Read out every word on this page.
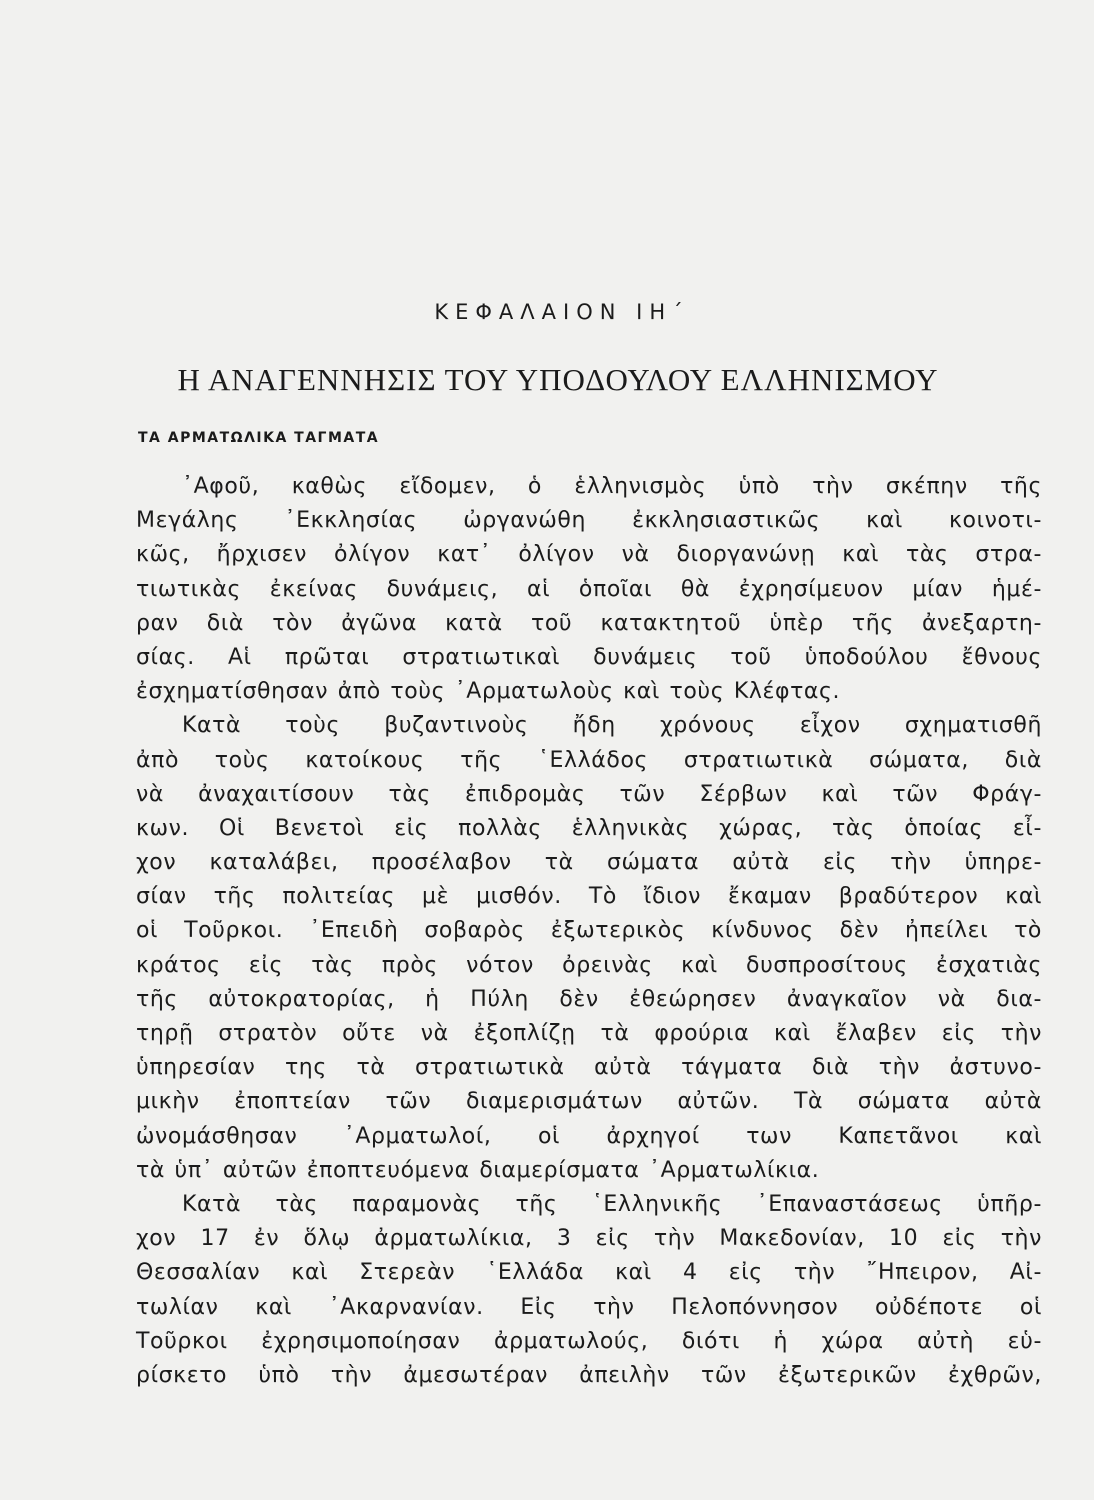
ΚΕΦΑΛΑΙΟΝ ΙΗ΄
Η ΑΝΑΓΕΝΝΗΣΙΣ ΤΟΥ ΥΠΟΔΟΥΛΟΥ ΕΛΛΗΝΙΣΜΟΥ
ΤΑ ΑΡΜΑΤΩΛΙΚΑ ΤΑΓΜΑΤΑ
᾿Αφοῦ, καθὼς εἴδομεν, ὁ ἑλληνισμὸς ὑπὸ τὴν σκέπην τῆς
Μεγάλης ᾿Εκκλησίας ὠργανώθη ἐκκλησιαστικῶς καὶ κοινοτι-
κῶς, ἤρχισεν ὀλίγον κατ᾿ ὀλίγον νὰ διοργανώνῃ καὶ τὰς στρα-
τιωτικὰς ἐκείνας δυνάμεις, αἱ ὁποῖαι θὰ ἐχρησίμευον μίαν ἡμέ-
ραν διὰ τὸν ἀγῶνα κατὰ τοῦ κατακτητοῦ ὑπὲρ τῆς ἀνεξαρτη-
σίας. Αἱ πρῶται στρατιωτικαὶ δυνάμεις τοῦ ὑποδούλου ἔθνους
ἐσχηματίσθησαν ἀπὸ τοὺς ᾿Αρματωλοὺς καὶ τοὺς Κλέφτας.
Κατὰ τοὺς βυζαντινοὺς ἤδη χρόνους εἶχον σχηματισθῆ
ἀπὸ τοὺς κατοίκους τῆς ῾Ελλάδος στρατιωτικὰ σώματα, διὰ
νὰ ἀναχαιτίσουν τὰς ἐπιδρομὰς τῶν Σέρβων καὶ τῶν Φράγ-
κων. Οἱ Βενετοὶ εἰς πολλὰς ἑλληνικὰς χώρας, τὰς ὁποίας εἶ-
χον καταλάβει, προσέλαβον τὰ σώματα αὐτὰ εἰς τὴν ὑπηρε-
σίαν τῆς πολιτείας μὲ μισθόν. Τὸ ἴδιον ἔκαμαν βραδύτερον καὶ
οἱ Τοῦρκοι. ᾿Επειδὴ σοβαρὸς ἐξωτερικὸς κίνδυνος δὲν ἠπείλει τὸ
κράτος εἰς τὰς πρὸς νότον ὀρεινὰς καὶ δυσπροσίτους ἐσχατιὰς
τῆς αὐτοκρατορίας, ἡ Πύλη δὲν ἐθεώρησεν ἀναγκαῖον νὰ δια-
τηρῇ στρατὸν οὔτε νὰ ἐξοπλίζῃ τὰ φρούρια καὶ ἔλαβεν εἰς τὴν
ὑπηρεσίαν της τὰ στρατιωτικὰ αὐτὰ τάγματα διὰ τὴν ἀστυνο-
μικὴν ἐποπτείαν τῶν διαμερισμάτων αὐτῶν. Τὰ σώματα αὐτὰ
ὠνομάσθησαν ᾿Αρματωλοί, οἱ ἀρχηγοί των Καπετᾶνοι καὶ
τὰ ὑπ᾿ αὐτῶν ἐποπτευόμενα διαμερίσματα ᾿Αρματωλίκια.
Κατὰ τὰς παραμονὰς τῆς ῾Ελληνικῆς ᾿Επαναστάσεως ὑπῆρ-
χον 17 ἐν ὅλῳ ἀρματωλίκια, 3 εἰς τὴν Μακεδονίαν, 10 εἰς τὴν
Θεσσαλίαν καὶ Στερεὰν ῾Ελλάδα καὶ 4 εἰς τὴν ῎Ηπειρον, Αἰ-
τωλίαν καὶ ᾿Ακαρνανίαν. Εἰς τὴν Πελοπόννησον οὐδέποτε οἱ
Τοῦρκοι ἐχρησιμοποίησαν ἀρματωλούς, διότι ἡ χώρα αὐτὴ εὑ-
ρίσκετο ὑπὸ τὴν ἀμεσωτέραν ἀπειλὴν τῶν ἐξωτερικῶν ἐχθρῶν,
